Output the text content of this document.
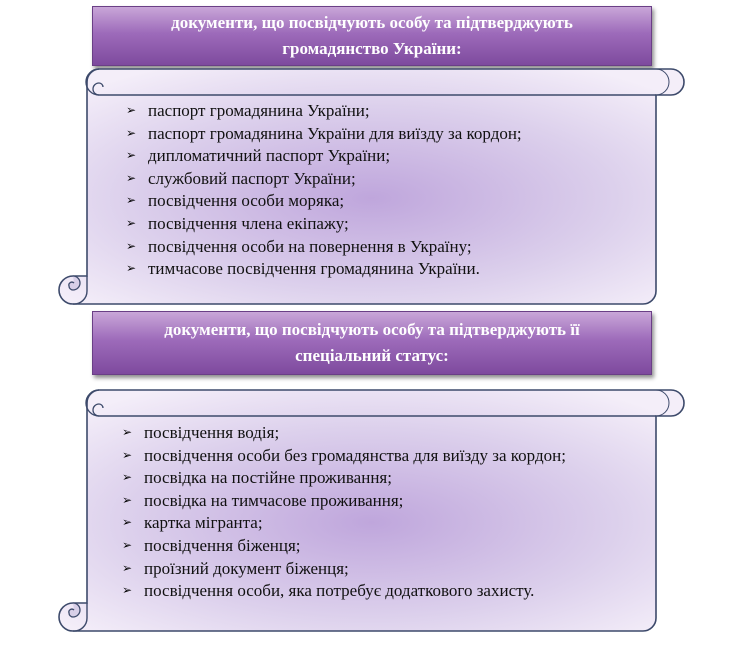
документи, що посвідчують особу та підтверджують
громадянство України:
➢ паспорт громадянина України;
➢ паспорт громадянина України для виїзду за кордон;
➢ дипломатичний паспорт України;
➢ службовий паспорт України;
➢ посвідчення особи моряка;
➢ посвідчення члена екіпажу;
➢ посвідчення особи на повернення в Україну;
➢ тимчасове посвідчення громадянина України.
документи, що посвідчують особу та підтверджують її
спеціальний статус:
➢ посвідчення водія;
➢ посвідчення особи без громадянства для виїзду за кордон;
➢ посвідка на постійне проживання;
➢ посвідка на тимчасове проживання;
➢ картка мігранта;
➢ посвідчення біженця;
➢ проїзний документ біженця;
➢ посвідчення особи, яка потребує додаткового захисту.
